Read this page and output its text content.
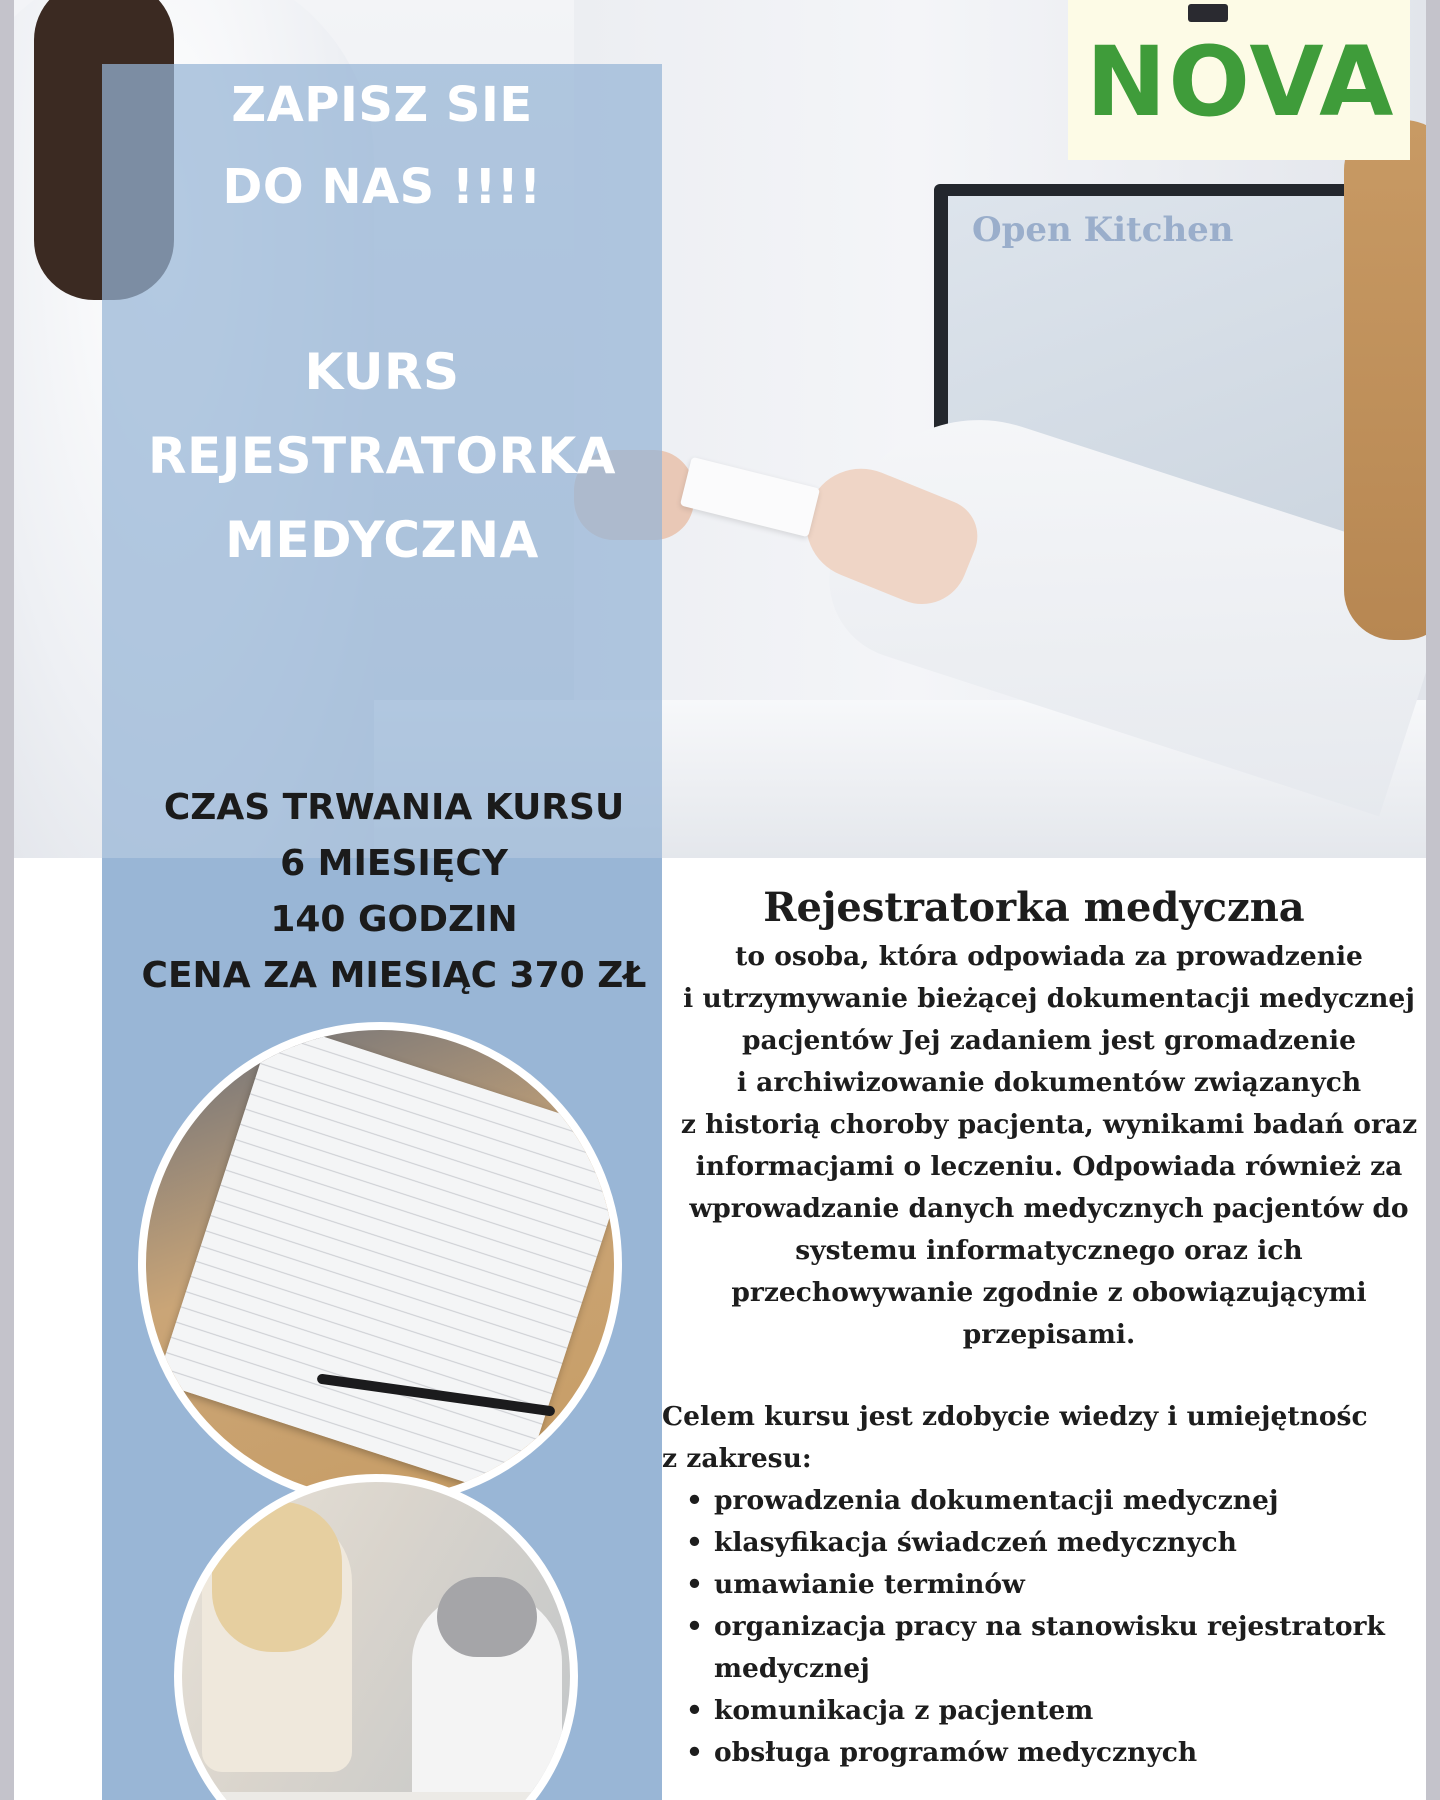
Open Kitchen
NOVA
ZAPISZ SIE DO NAS !!!!
KURS REJESTRATORKA MEDYCZNA
CZAS TRWANIA KURSU
6 MIESIĘCY
140 GODZIN
CENA ZA MIESIĄC 370 ZŁ
Rejestratorka medyczna
to osoba, która odpowiada za prowadzenie
i utrzymywanie bieżącej dokumentacji medycznej
pacjentów Jej zadaniem jest gromadzenie
i archiwizowanie dokumentów związanych
z historią choroby pacjenta, wynikami badań oraz
informacjami o leczeniu. Odpowiada również za
wprowadzanie danych medycznych pacjentów do
systemu informatycznego oraz ich
przechowywanie zgodnie z obowiązującymi
przepisami.
Celem kursu jest zdobycie wiedzy i umiejętnośc
z zakresu:
• prowadzenia dokumentacji medycznej
• klasyfikacja świadczeń medycznych
• umawianie terminów
• organizacja pracy na stanowisku rejestratork medycznej
• komunikacja z pacjentem
• obsługa programów medycznych
